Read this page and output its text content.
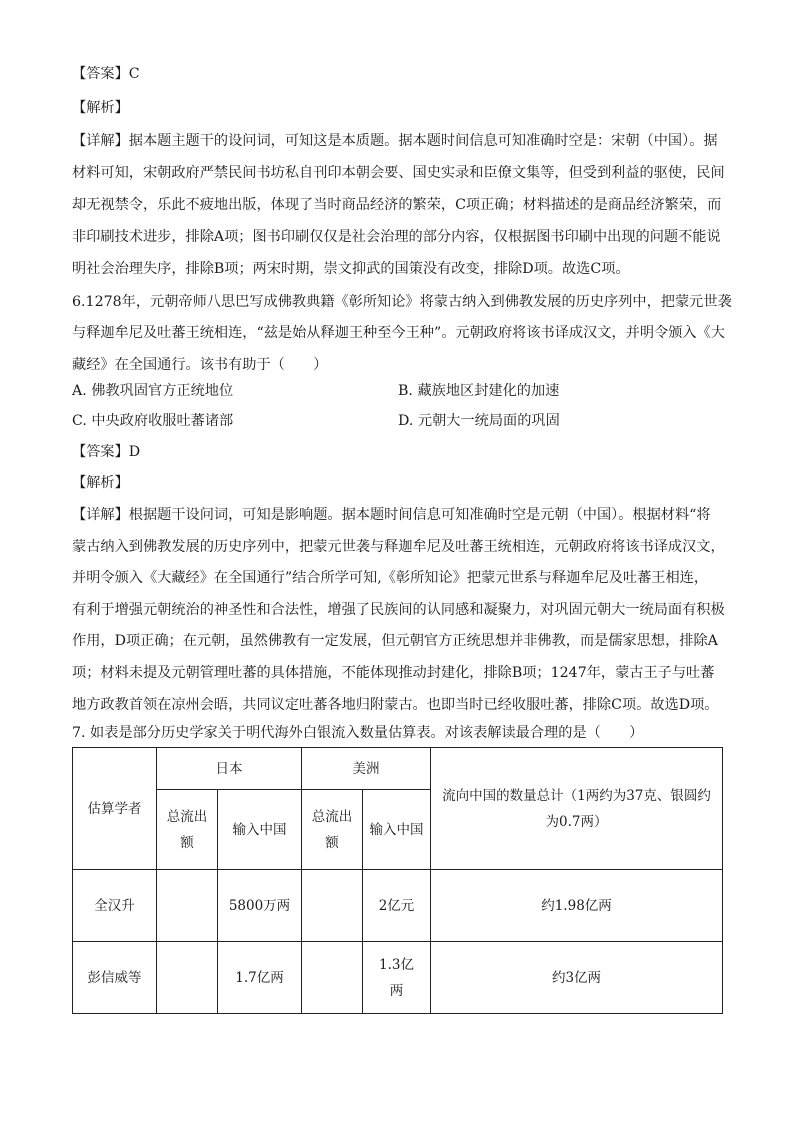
【答案】C
【解析】
【详解】据本题主题干的设问词，可知这是本质题。据本题时间信息可知准确时空是：宋朝（中国）。据
材料可知，宋朝政府严禁民间书坊私自刊印本朝会要、国史实录和臣僚文集等，但受到利益的驱使，民间
却无视禁令，乐此不疲地出版，体现了当时商品经济的繁荣，C项正确；材料描述的是商品经济繁荣，而
非印刷技术进步，排除A项；图书印刷仅仅是社会治理的部分内容，仅根据图书印刷中出现的问题不能说
明社会治理失序，排除B项；两宋时期，崇文抑武的国策没有改变，排除D项。故选C项。
6.1278年，元朝帝师八思巴写成佛教典籍《彰所知论》将蒙古纳入到佛教发展的历史序列中，把蒙元世袭
与释迦牟尼及吐蕃王统相连，“兹是始从释迦王种至今王种”。元朝政府将该书译成汉文，并明令颁入《大
藏经》在全国通行。该书有助于（　　）
A. 佛教巩固官方正统地位	B. 藏族地区封建化的加速
C. 中央政府收服吐蕃诸部	D. 元朝大一统局面的巩固
【答案】D
【解析】
【详解】根据题干设问词，可知是影响题。据本题时间信息可知准确时空是元朝（中国）。根据材料“将
蒙古纳入到佛教发展的历史序列中，把蒙元世袭与释迦牟尼及吐蕃王统相连，元朝政府将该书译成汉文，
并明令颁入《大藏经》在全国通行”结合所学可知,《彰所知论》把蒙元世系与释迦牟尼及吐蕃王相连，
有利于增强元朝统治的神圣性和合法性，增强了民族间的认同感和凝聚力，对巩固元朝大一统局面有积极
作用，D项正确；在元朝，虽然佛教有一定发展，但元朝官方正统思想并非佛教，而是儒家思想，排除A
项；材料未提及元朝管理吐蕃的具体措施，不能体现推动封建化，排除B项；1247年，蒙古王子与吐蕃
地方政教首领在凉州会晤，共同议定吐蕃各地归附蒙古。也即当时已经收服吐蕃，排除C项。故选D项。
7. 如表是部分历史学家关于明代海外白银流入数量估算表。对该表解读最合理的是（　　）
估算学者	日本		美洲		流向中国的数量总计（1两约为37克、银圆约为0.7两）
	总流出额	输入中国	总流出额	输入中国	
全汉升		5800万两		2亿元	约1.98亿两
彭信威等		1.7亿两		1.3亿两	约3亿两
